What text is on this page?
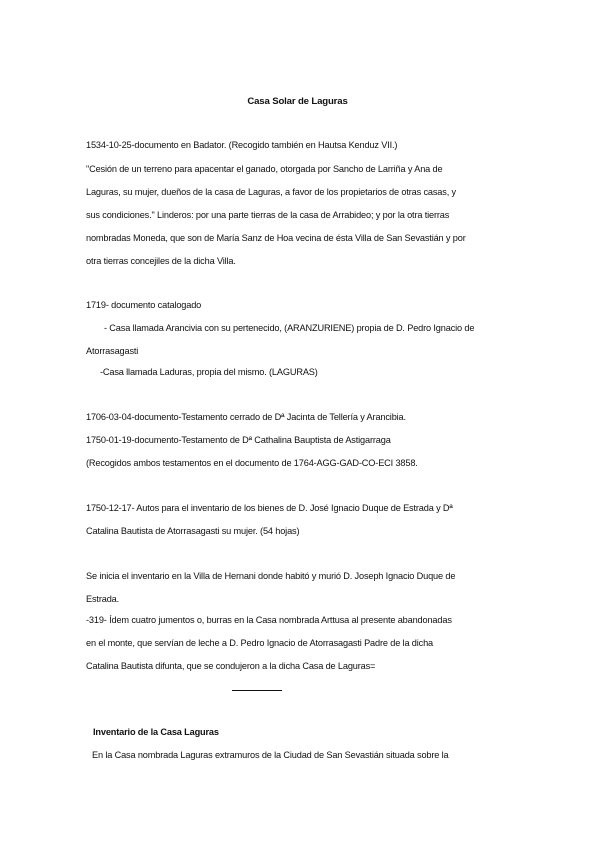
Casa Solar de Laguras
1534-10-25-documento en Badator. (Recogido también en Hautsa Kenduz VII.)
"Cesión de un terreno para apacentar el ganado, otorgada por Sancho de Larriña y Ana de
Laguras, su mujer, dueños de la casa de Laguras, a favor de los propietarios de otras casas, y
sus condiciones." Linderos: por una parte tierras de la casa de Arrabideo; y por la otra tierras
nombradas Moneda, que son de María Sanz de Hoa vecina de ésta Villa de San Sevastián y por
otra tierras concejiles de la dicha Villa.
1719- documento catalogado
- Casa llamada Arancivia con su pertenecido, (ARANZURIENE) propia de D. Pedro Ignacio de
Atorrasagasti
-Casa llamada Laduras, propia del mismo. (LAGURAS)
1706-03-04-documento-Testamento cerrado de Dª Jacinta de Tellería y Arancibia.
1750-01-19-documento-Testamento de Dª Cathalina Bauptista de Astigarraga
(Recogidos ambos testamentos en el documento de 1764-AGG-GAD-CO-ECI 3858.
1750-12-17- Autos para el inventario de los bienes de D. José Ignacio Duque de Estrada y Dª
Catalina Bautista de Atorrasagasti su mujer. (54 hojas)
Se inicia el inventario en la Villa de Hernani donde habitó y murió D. Joseph Ignacio Duque de
Estrada.
-319- Ídem cuatro jumentos o, burras en la Casa nombrada Arttusa al presente abandonadas
en el monte, que servían de leche a D. Pedro Ignacio de Atorrasagasti Padre de la dicha
Catalina Bautista difunta, que se condujeron a la dicha Casa de Laguras=
Inventario de la Casa Laguras
En la Casa nombrada Laguras extramuros de la Ciudad de San Sevastián situada sobre la
